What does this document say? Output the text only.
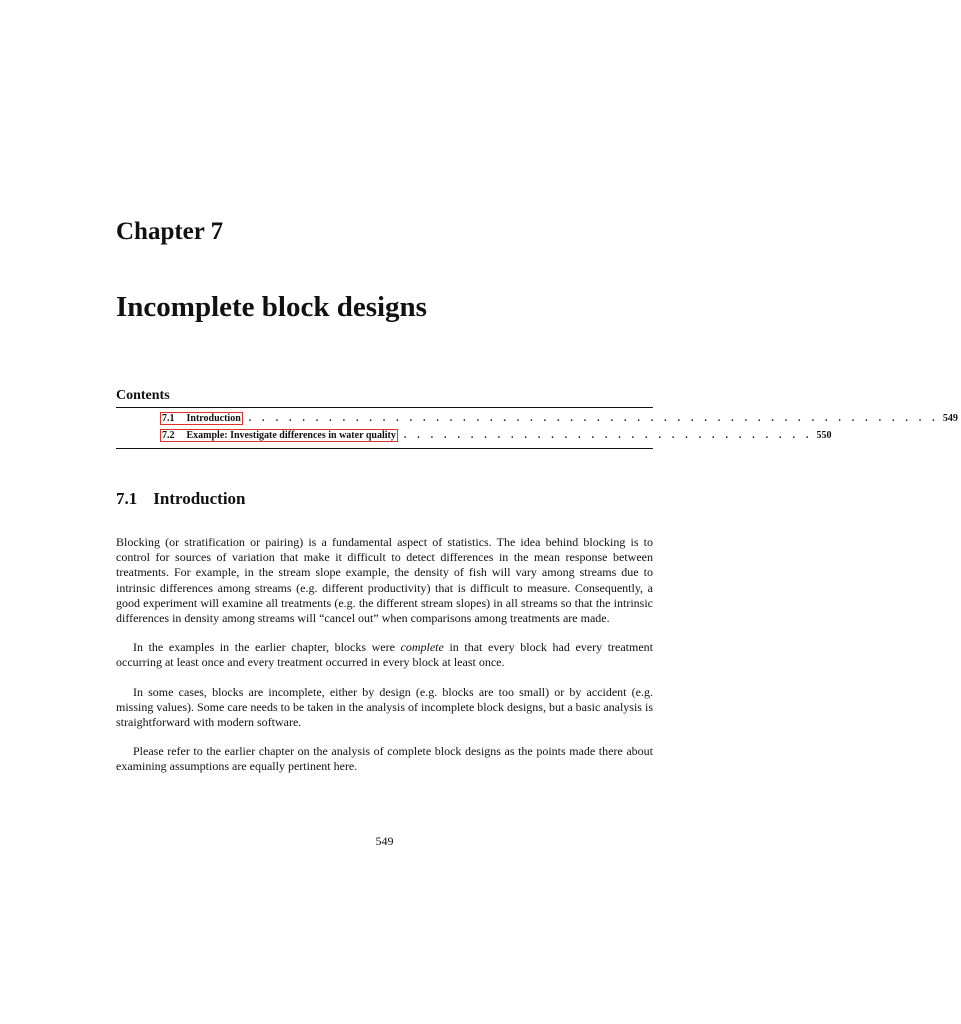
Chapter 7
Incomplete block designs
Contents
7.1 Introduction . . . . . . . . . . . . . . . . . . . . . . . . . . . . . . . . . . . . . . . . . . . . . . . . . . . . 549
7.2 Example: Investigate differences in water quality . . . . . . . . . . . . . . . . . . . . . . . . . . . . . . . 550
7.1 Introduction

Blocking (or stratification or pairing) is a fundamental aspect of statistics. The idea behind blocking is to control for sources of variation that make it difficult to detect differences in the mean response between treatments. For example, in the stream slope example, the density of fish will vary among streams due to intrinsic differences among streams (e.g. different productivity) that is difficult to measure. Consequently, a good experiment will examine all treatments (e.g. the different stream slopes) in all streams so that the intrinsic differences in density among streams will “cancel out” when comparisons among treatments are made.

In the examples in the earlier chapter, blocks were complete in that every block had every treatment occurring at least once and every treatment occurred in every block at least once.

In some cases, blocks are incomplete, either by design (e.g. blocks are too small) or by accident (e.g. missing values). Some care needs to be taken in the analysis of incomplete block designs, but a basic analysis is straightforward with modern software.

Please refer to the earlier chapter on the analysis of complete block designs as the points made there about examining assumptions are equally pertinent here.

549
